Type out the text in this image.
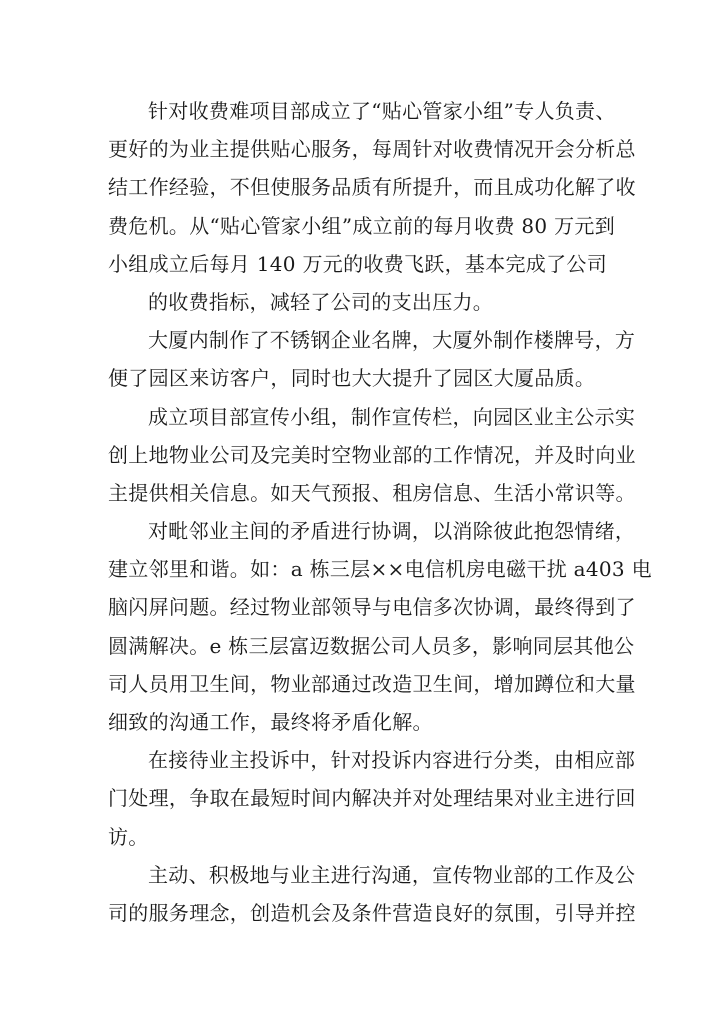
针对收费难项目部成立了“贴心管家小组”专人负责、
更好的为业主提供贴心服务，每周针对收费情况开会分析总
结工作经验，不但使服务品质有所提升，而且成功化解了收
费危机。从“贴心管家小组”成立前的每月收费 80 万元到
小组成立后每月 140 万元的收费飞跃，基本完成了公司
的收费指标，减轻了公司的支出压力。
大厦内制作了不锈钢企业名牌，大厦外制作楼牌号，方
便了园区来访客户，同时也大大提升了园区大厦品质。
成立项目部宣传小组，制作宣传栏，向园区业主公示实
创上地物业公司及完美时空物业部的工作情况，并及时向业
主提供相关信息。如天气预报、租房信息、生活小常识等。
对毗邻业主间的矛盾进行协调，以消除彼此抱怨情绪，
建立邻里和谐。如：a 栋三层××电信机房电磁干扰 a403 电
脑闪屏问题。经过物业部领导与电信多次协调，最终得到了
圆满解决。e 栋三层富迈数据公司人员多，影响同层其他公
司人员用卫生间，物业部通过改造卫生间，增加蹲位和大量
细致的沟通工作，最终将矛盾化解。
在接待业主投诉中，针对投诉内容进行分类，由相应部
门处理，争取在最短时间内解决并对处理结果对业主进行回
访。
主动、积极地与业主进行沟通，宣传物业部的工作及公
司的服务理念，创造机会及条件营造良好的氛围，引导并控
